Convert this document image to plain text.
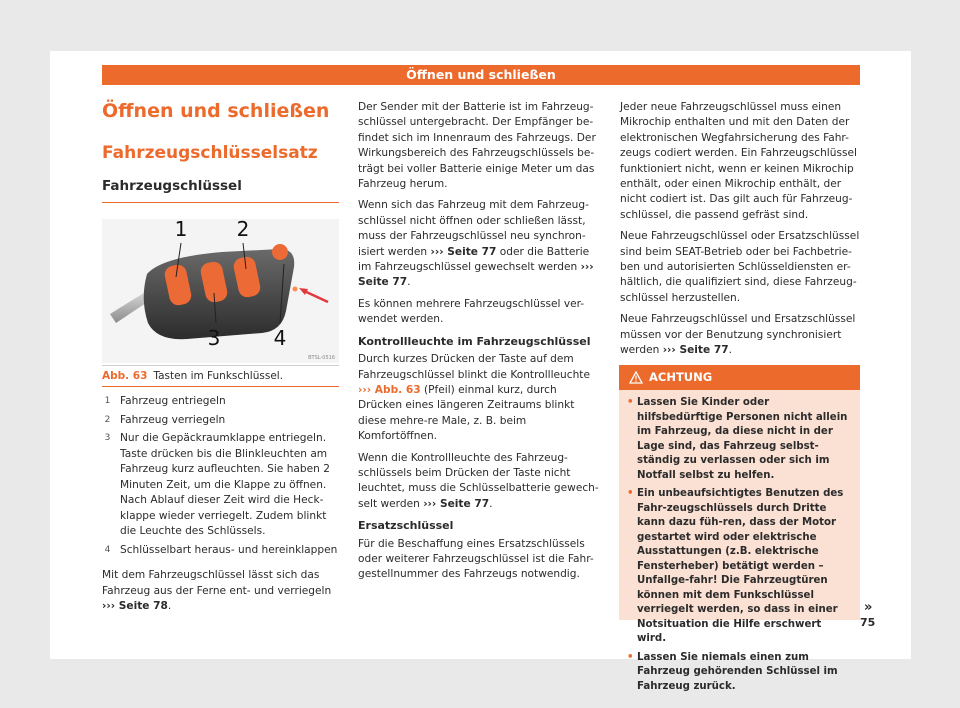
Öffnen und schließen
Öffnen und schließen
Fahrzeugschlüsselsatz
Fahrzeugschlüssel
1 2
3	4
BTSL-0516
Abb. 63 Tasten im Funkschlüssel.
1 Fahrzeug entriegeln
2 Fahrzeug verriegeln
3 Nur die Gepäckraumklappe entriegeln. Taste drücken bis die Blinkleuchten am Fahrzeug kurz aufleuchten. Sie haben 2 Minuten Zeit, um die Klappe zu öffnen. Nach Ablauf dieser Zeit wird die Heck-klappe wieder verriegelt. Zudem blinkt die Leuchte des Schlüssels.
4 Schlüsselbart heraus- und hereinklappen

Mit dem Fahrzeugschlüssel lässt sich das Fahrzeug aus der Ferne ent- und verriegeln
››› Seite 78.

Der Sender mit der Batterie ist im Fahrzeug-schlüssel untergebracht. Der Empfänger be-findet sich im Innenraum des Fahrzeugs. Der Wirkungsbereich des Fahrzeugschlüssels be-trägt bei voller Batterie einige Meter um das Fahrzeug herum.

Wenn sich das Fahrzeug mit dem Fahrzeug-schlüssel nicht öffnen oder schließen lässt, muss der Fahrzeugschlüssel neu synchron-isiert werden ››› Seite 77 oder die Batterie im Fahrzeugschlüssel gewechselt werden ››› Seite 77.

Es können mehrere Fahrzeugschlüssel ver-wendet werden.

Kontrollleuchte im Fahrzeugschlüssel

Durch kurzes Drücken der Taste auf dem Fahrzeugschlüssel blinkt die Kontrollleuchte ››› Abb. 63 (Pfeil) einmal kurz, durch Drücken eines längeren Zeitraums blinkt diese mehre-re Male, z. B. beim Komfortöffnen.

Wenn die Kontrollleuchte des Fahrzeug-schlüssels beim Drücken der Taste nicht leuchtet, muss die Schlüsselbatterie gewech-selt werden ››› Seite 77.

Ersatzschlüssel

Für die Beschaffung eines Ersatzschlüssels oder weiterer Fahrzeugschlüssel ist die Fahr-gestellnummer des Fahrzeugs notwendig.

Jeder neue Fahrzeugschlüssel muss einen Mikrochip enthalten und mit den Daten der elektronischen Wegfahrsicherung des Fahr-zeugs codiert werden. Ein Fahrzeugschlüssel funktioniert nicht, wenn er keinen Mikrochip enthält, oder einen Mikrochip enthält, der nicht codiert ist. Das gilt auch für Fahrzeug-schlüssel, die passend gefräst sind.

Neue Fahrzeugschlüssel oder Ersatzschlüssel sind beim SEAT-Betrieb oder bei Fachbetrie-ben und autorisierten Schlüsseldiensten er-hältlich, die qualifiziert sind, diese Fahrzeug-schlüssel herzustellen.

Neue Fahrzeugschlüssel und Ersatzschlüssel müssen vor der Benutzung synchronisiert werden ››› Seite 77.

ACHTUNG
• Lassen Sie Kinder oder hilfsbedürftige Personen nicht allein im Fahrzeug, da diese nicht in der Lage sind, das Fahrzeug selbst-ständig zu verlassen oder sich im Notfall selbst zu helfen.
• Ein unbeaufsichtigtes Benutzen des Fahr-zeugschlüssels durch Dritte kann dazu füh-ren, dass der Motor gestartet wird oder elektrische Ausstattungen (z.B. elektrische Fensterheber) betätigt werden – Unfallge-fahr! Die Fahrzeugtüren können mit dem Funkschlüssel verriegelt werden, so dass in einer Notsituation die Hilfe erschwert wird.
• Lassen Sie niemals einen zum Fahrzeug gehörenden Schlüssel im Fahrzeug zurück.
»
75
